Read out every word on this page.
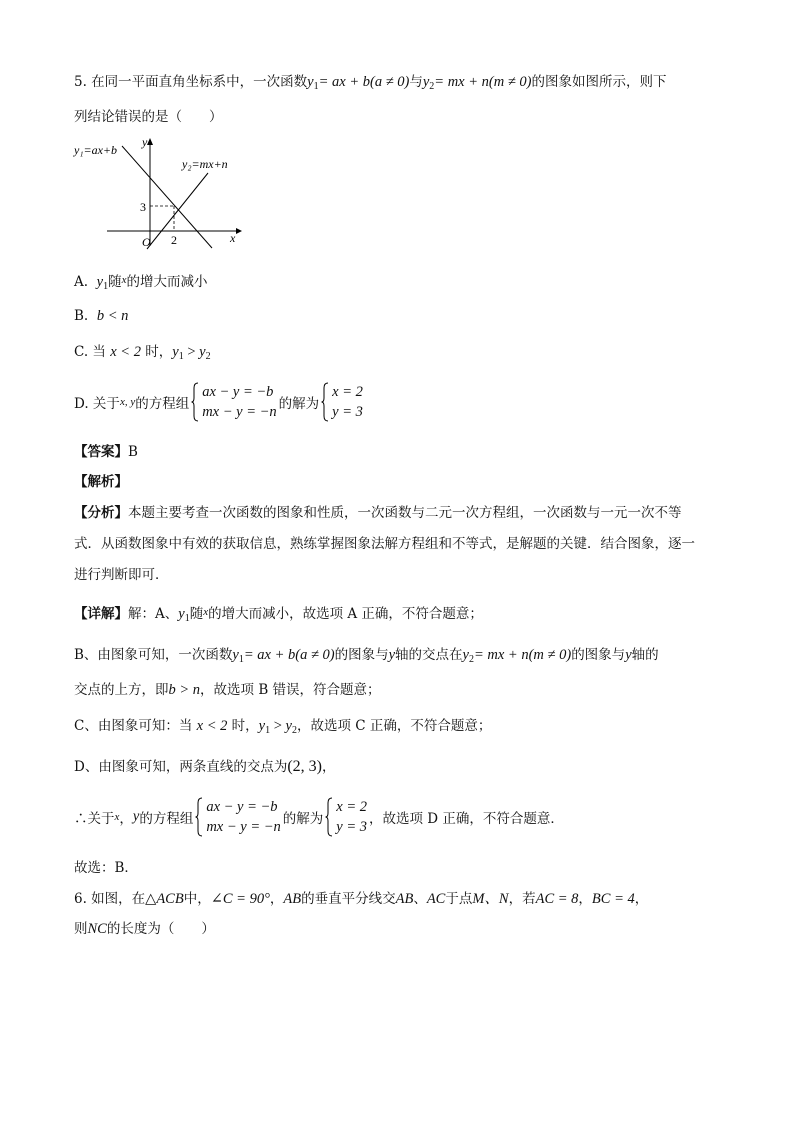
5. 在同一平面直角坐标系中，一次函数$y_1=$ ax + b(a ≠ 0)与$y_2=$ mx + n(m ≠ 0)的图象如图所示，则下
列结论错误的是（　　）
y₁=ax+b
y₂=mx+n
y
x
O
3
2
A. $y_1$随$^x$的增大而减小
B. b < n
C. 当 x < 2 时，$y_1 > y_2$
D. 关于x, y的方程组
ax − y = −b
mx − y = −n 的解为
x = 2
y = 3
【答案】B
【解析】
【分析】本题主要考查一次函数的图象和性质，一次函数与二元一次方程组，一次函数与一元一次不等
式．从函数图象中有效的获取信息，熟练掌握图象法解方程组和不等式，是解题的关键．结合图象，逐一
进行判断即可．
【详解】解：A、$y_1$随$^x$的增大而减小，故选项 A 正确，不符合题意；
B、由图象可知，一次函数$y_1=$ ax + b(a ≠ 0)的图象与y轴的交点在$y_2=$ mx + n(m ≠ 0)的图象与y轴的
交点的上方，即b > n，故选项 B 错误，符合题意；
C、由图象可知：当 x < 2 时，$y_1 > y_2$，故选项 C 正确，不符合题意；
D、由图象可知，两条直线的交点为(2, 3)，
∴关于x，y的方程组
ax − y = −b
mx − y = −n 的解为
x = 2
y = 3 ，故选项 D 正确，不符合题意．
故选：B．
6. 如图，在△ACB中，∠C = 90°，AB的垂直平分线交AB、AC于点M、N，若AC = 8，BC = 4，
则NC的长度为（　　）
